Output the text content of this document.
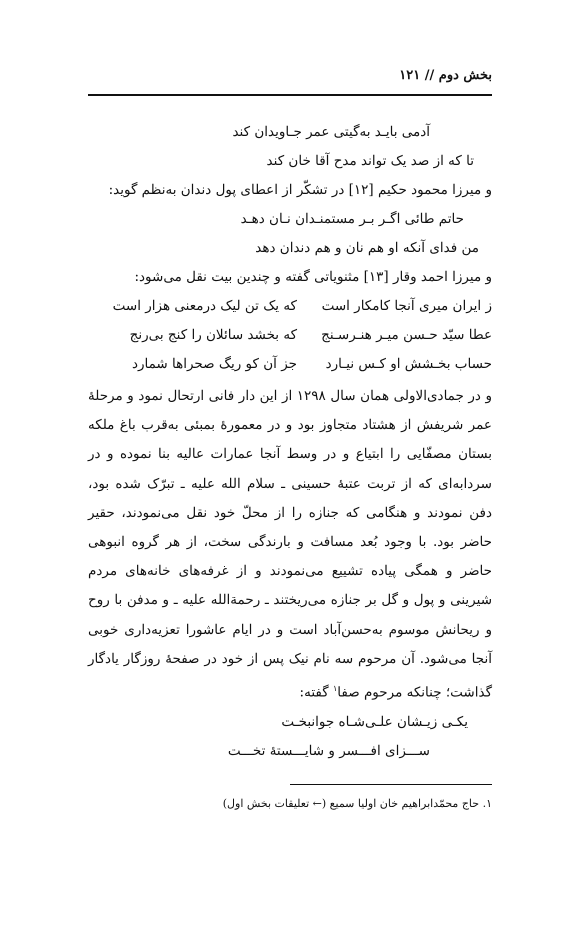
بخش دوم // ۱۲۱
آدمی بایـد به‌گیتی عمر جـاویدان کند
تا که از صد یک تواند مدح آقا خان کند
و میرزا محمود حکیم [۱۲] در تشکّر از اعطای پول دندان به‌نظم گوید:
حاتم طائی اگـر بـر مستمنـدان نـان دهـد
من فدای آنکه او هم نان و هم دندان دهد
و میرزا احمد وقار [۱۳] مثنویاتی گفته و چندین بیت نقل می‌شود:
ز ایران میری آنجا کامکار است
که یک تن لیک درمعنی هزار است
عطا سیّد حـسن میـر هنـرسـنج
که بخشد سائلان را کنج بی‌رنج
حساب بخـشش او کـس نیـارد
جز آن کو ریگ صحراها شمارد
و در جمادی‌الاولی همان سال ۱۲۹۸ از این دار فانی ارتحال نمود و مرحلهٔ عمر شریفش از هشتاد متجاوز بود و در معمورهٔ بمبئی به‌قرب باغ ملکه بستان مصفّایی را ابتیاع و در وسط آنجا عمارات عالیه بنا نموده و در سردابه‌ای که از تربت عتبهٔ حسینی ـ سلام الله علیه ـ تبرّک شده بود، دفن نمودند و هنگامی که جنازه را از محلّ خود نقل می‌نمودند، حقیر حاضر بود. با وجود بُعد مسافت و بارندگی سخت، از هر گروه انبوهی حاضر و همگی پیاده تشییع می‌نمودند و از غرفه‌های خانه‌های مردم شیرینی و پول و گل بر جنازه می‌ریختند ـ رحمةالله علیه ـ و مدفن با روح و ریحانش موسوم به‌حسن‌آباد است و در ایام عاشورا تعزیه‌داری خوبی آنجا می‌شود. آن مرحوم سه نام نیک پس از خود در صفحهٔ روزگار یادگار گذاشت؛ چنانکه مرحوم صفا$^۱$ گفته:
یکـی زیـشان علـی‌شـاه جوانبخـت
ســـزای افـــسر و شایـــستهٔ تخـــت
۱. حاج محمّدابراهیم خان اولیا سمیع (← تعلیقات بخش اول)
